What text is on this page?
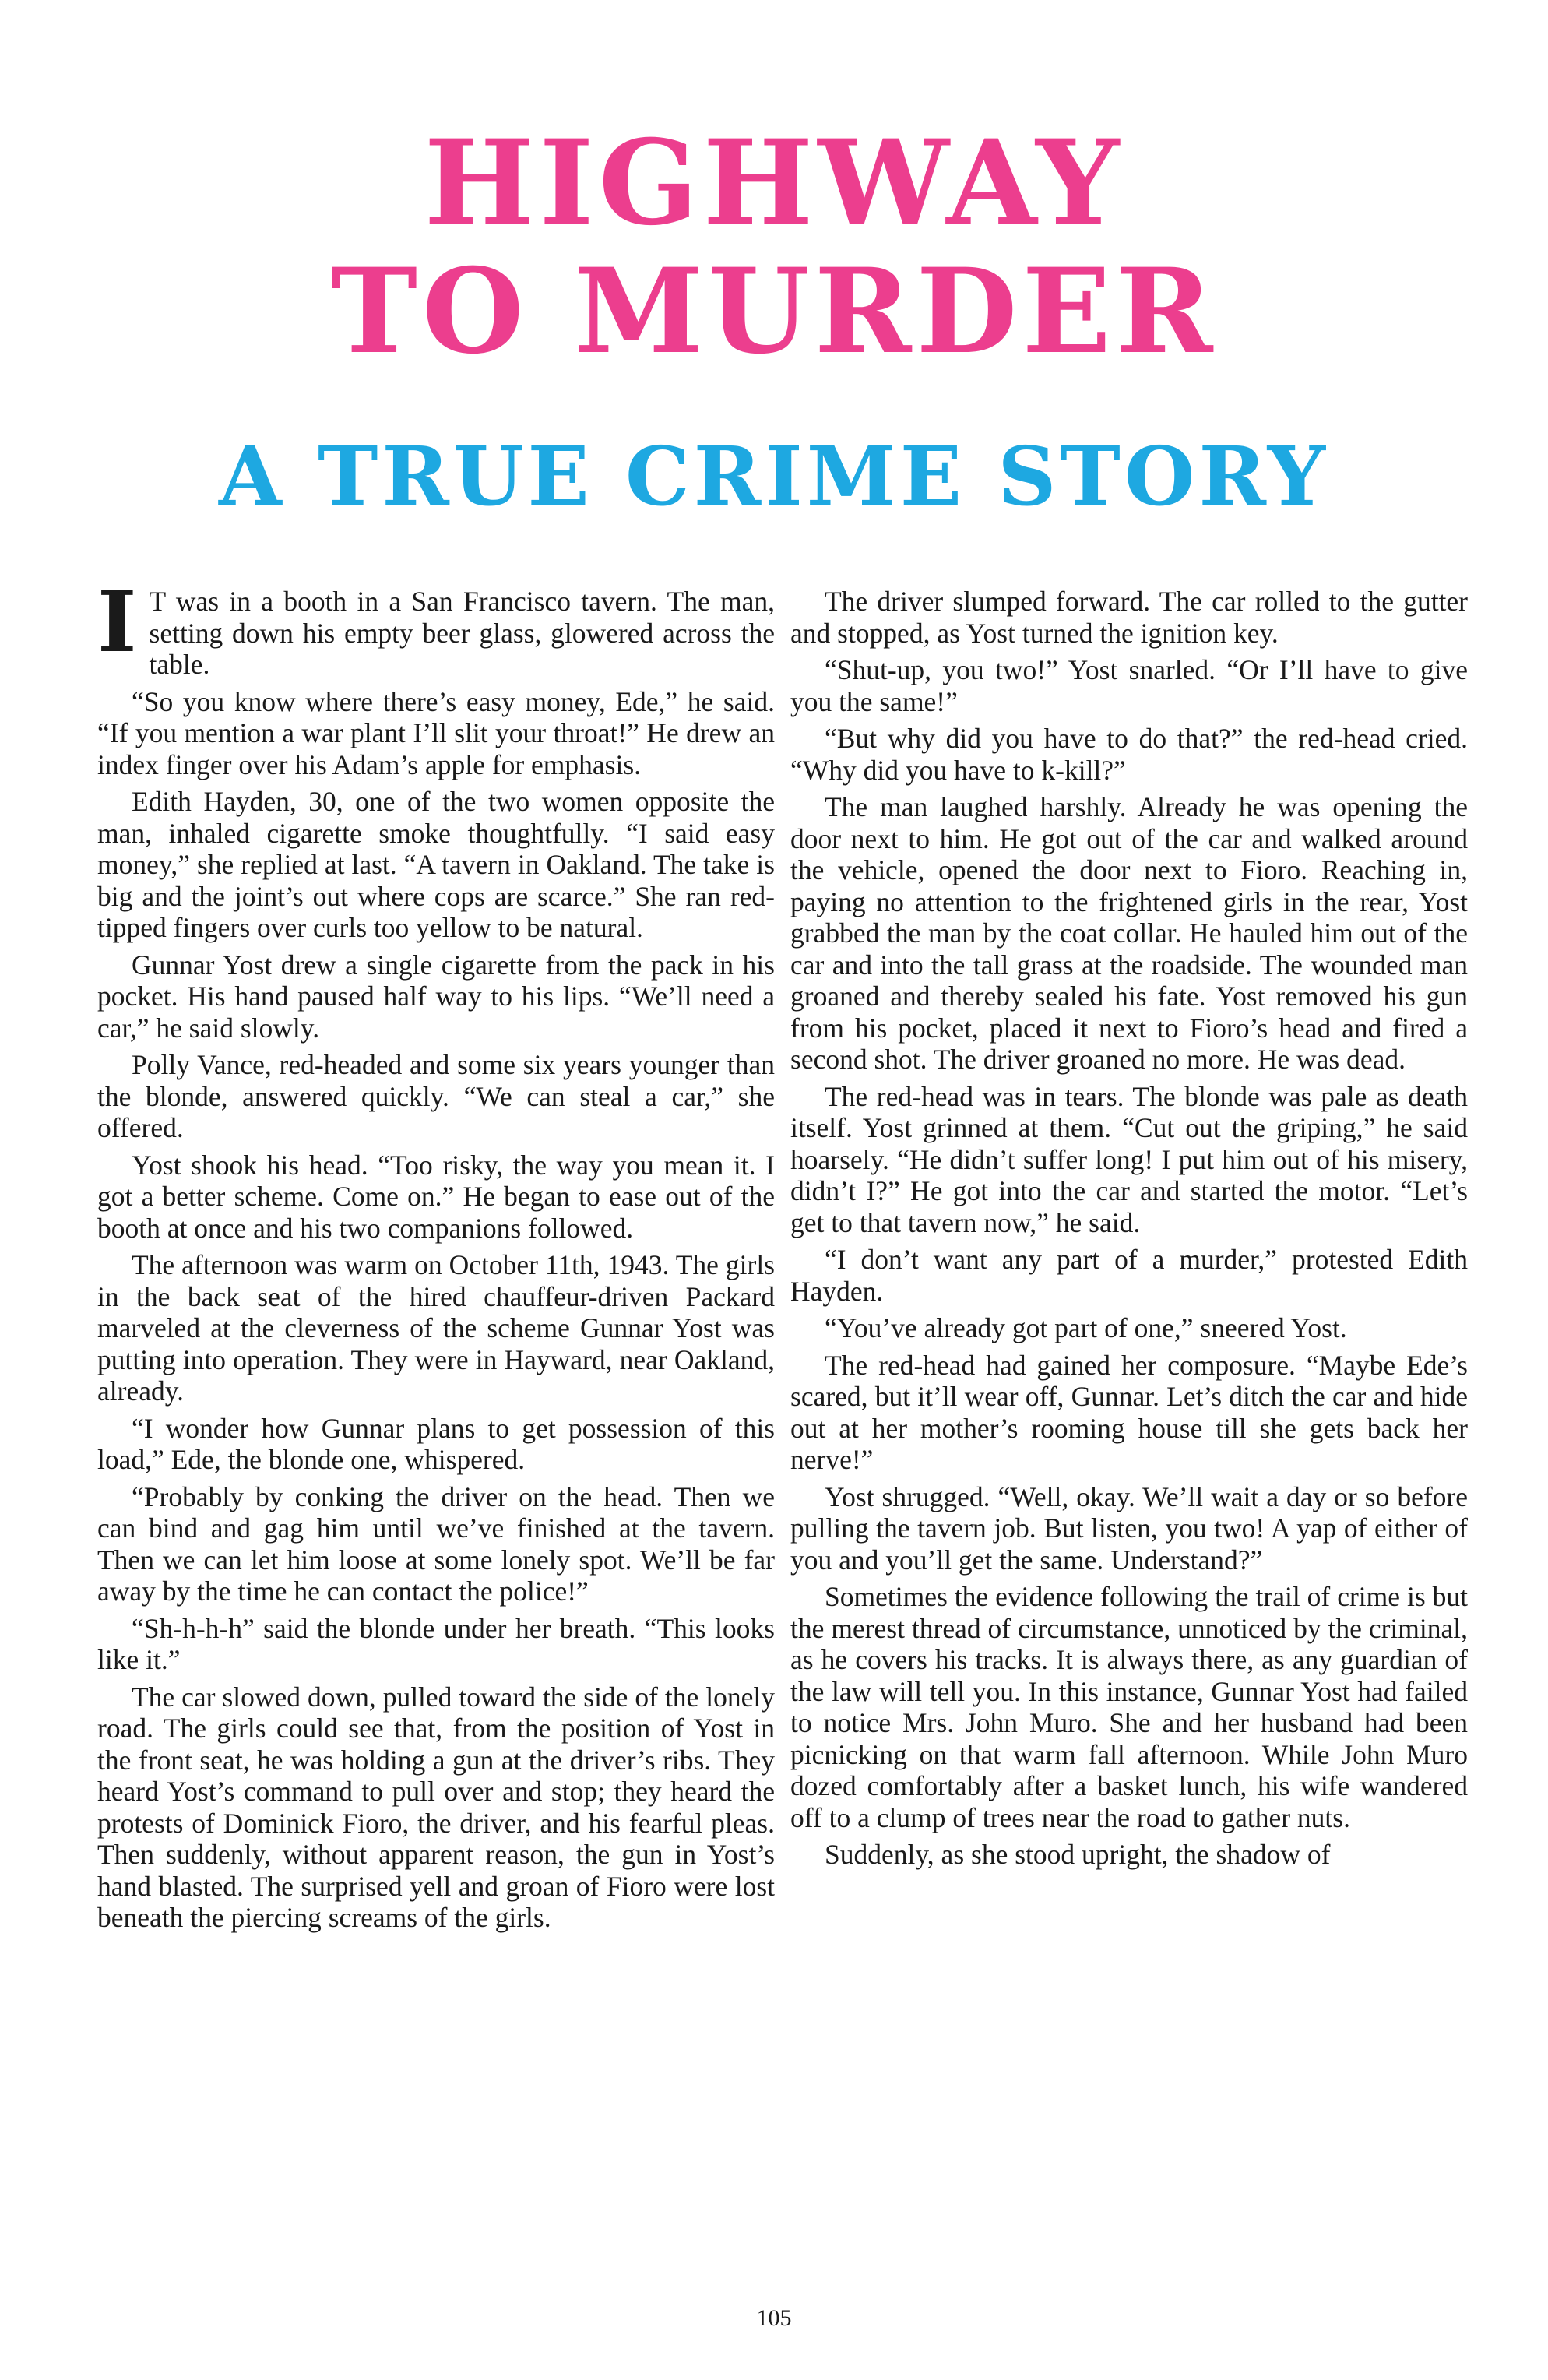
HIGHWAY
TO MURDER
A TRUE CRIME STORY

I T was in a booth in a San Francisco tavern. The man, setting down his empty beer glass, glowered across the table.

“So you know where there’s easy money, Ede,” he said. “If you mention a war plant I’ll slit your throat!” He drew an index finger over his Adam’s apple for emphasis.

Edith Hayden, 30, one of the two women opposite the man, inhaled cigarette smoke thoughtfully. “I said easy money,” she replied at last. “A tavern in Oakland. The take is big and the joint’s out where cops are scarce.” She ran red-tipped fingers over curls too yellow to be natural.

Gunnar Yost drew a single cigarette from the pack in his pocket. His hand paused half way to his lips. “We’ll need a car,” he said slowly.

Polly Vance, red-headed and some six years younger than the blonde, answered quickly. “We can steal a car,” she offered.

Yost shook his head. “Too risky, the way you mean it. I got a better scheme. Come on.” He began to ease out of the booth at once and his two companions followed.

The afternoon was warm on October 11th, 1943. The girls in the back seat of the hired chauffeur-driven Packard marveled at the cleverness of the scheme Gunnar Yost was putting into operation. They were in Hayward, near Oakland, already.

“I wonder how Gunnar plans to get possession of this load,” Ede, the blonde one, whispered.

“Probably by conking the driver on the head. Then we can bind and gag him until we’ve finished at the tavern. Then we can let him loose at some lonely spot. We’ll be far away by the time he can contact the police!”

“Sh-h-h-h” said the blonde under her breath. “This looks like it.”

The car slowed down, pulled toward the side of the lonely road. The girls could see that, from the position of Yost in the front seat, he was holding a gun at the driver’s ribs. They heard Yost’s command to pull over and stop; they heard the protests of Dominick Fioro, the driver, and his fearful pleas. Then suddenly, without apparent reason, the gun in Yost’s hand blasted. The surprised yell and groan of Fioro were lost beneath the piercing screams of the girls.

The driver slumped forward. The car rolled to the gutter and stopped, as Yost turned the ignition key.

“Shut-up, you two!” Yost snarled. “Or I’ll have to give you the same!”

“But why did you have to do that?” the red-head cried. “Why did you have to k-kill?”

The man laughed harshly. Already he was opening the door next to him. He got out of the car and walked around the vehicle, opened the door next to Fioro. Reaching in, paying no attention to the frightened girls in the rear, Yost grabbed the man by the coat collar. He hauled him out of the car and into the tall grass at the roadside. The wounded man groaned and thereby sealed his fate. Yost removed his gun from his pocket, placed it next to Fioro’s head and fired a second shot. The driver groaned no more. He was dead.

The red-head was in tears. The blonde was pale as death itself. Yost grinned at them. “Cut out the griping,” he said hoarsely. “He didn’t suffer long! I put him out of his misery, didn’t I?” He got into the car and started the motor. “Let’s get to that tavern now,” he said.

“I don’t want any part of a murder,” protested Edith Hayden.

“You’ve already got part of one,” sneered Yost.

The red-head had gained her composure. “Maybe Ede’s scared, but it’ll wear off, Gunnar. Let’s ditch the car and hide out at her mother’s rooming house till she gets back her nerve!”

Yost shrugged. “Well, okay. We’ll wait a day or so before pulling the tavern job. But listen, you two! A yap of either of you and you’ll get the same. Understand?”

Sometimes the evidence following the trail of crime is but the merest thread of circumstance, unnoticed by the criminal, as he covers his tracks. It is always there, as any guardian of the law will tell you. In this instance, Gunnar Yost had failed to notice Mrs. John Muro. She and her husband had been picnicking on that warm fall afternoon. While John Muro dozed comfortably after a basket lunch, his wife wandered off to a clump of trees near the road to gather nuts.

Suddenly, as she stood upright, the shadow of

105
